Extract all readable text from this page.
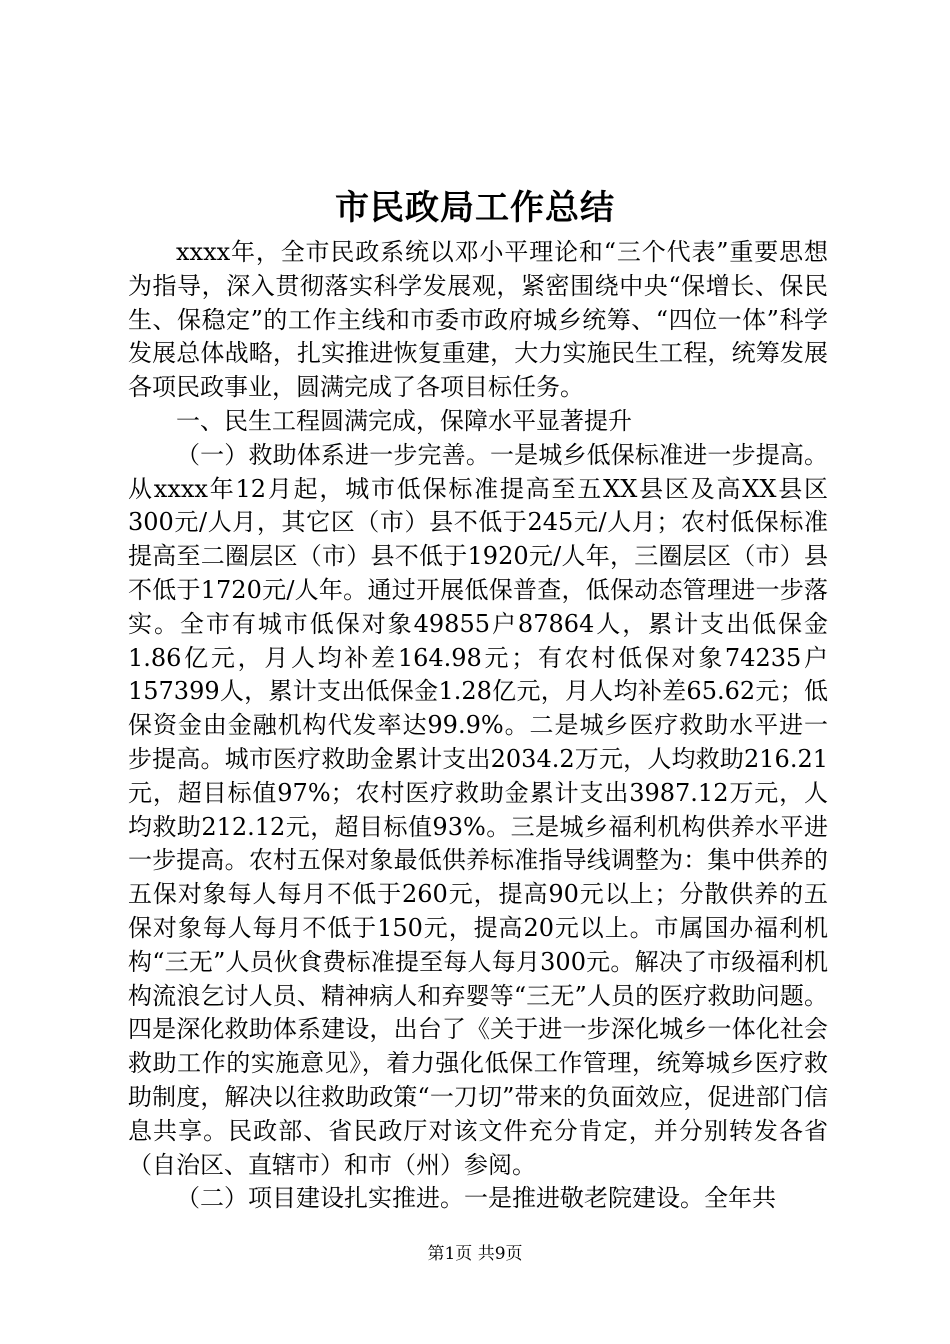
市民政局工作总结

xxxx年，全市民政系统以邓小平理论和“三个代表”重要思想为指导，深入贯彻落实科学发展观，紧密围绕中央“保增长、保民生、保稳定”的工作主线和市委市政府城乡统筹、“四位一体”科学发展总体战略，扎实推进恢复重建，大力实施民生工程，统筹发展各项民政事业，圆满完成了各项目标任务。

一、民生工程圆满完成，保障水平显著提升

（一）救助体系进一步完善。一是城乡低保标准进一步提高。从xxxx年12月起，城市低保标准提高至五XX县区及高XX县区300元/人月，其它区（市）县不低于245元/人月；农村低保标准提高至二圈层区（市）县不低于1920元/人年，三圈层区（市）县不低于1720元/人年。通过开展低保普查，低保动态管理进一步落实。全市有城市低保对象49855户87864人，累计支出低保金1.86亿元，月人均补差164.98元；有农村低保对象74235户157399人，累计支出低保金1.28亿元，月人均补差65.62元；低保资金由金融机构代发率达99.9%。二是城乡医疗救助水平进一步提高。城市医疗救助金累计支出2034.2万元，人均救助216.21元，超目标值97%；农村医疗救助金累计支出3987.12万元，人均救助212.12元，超目标值93%。三是城乡福利机构供养水平进一步提高。农村五保对象最低供养标准指导线调整为：集中供养的五保对象每人每月不低于260元，提高90元以上；分散供养的五保对象每人每月不低于150元，提高20元以上。市属国办福利机构“三无”人员伙食费标准提至每人每月300元。解决了市级福利机构流浪乞讨人员、精神病人和弃婴等“三无”人员的医疗救助问题。四是深化救助体系建设，出台了《关于进一步深化城乡一体化社会救助工作的实施意见》，着力强化低保工作管理，统筹城乡医疗救助制度，解决以往救助政策“一刀切”带来的负面效应，促进部门信息共享。民政部、省民政厅对该文件充分肯定，并分别转发各省（自治区、直辖市）和市（州）参阅。

（二）项目建设扎实推进。一是推进敬老院建设。全年共

第1页 共9页
